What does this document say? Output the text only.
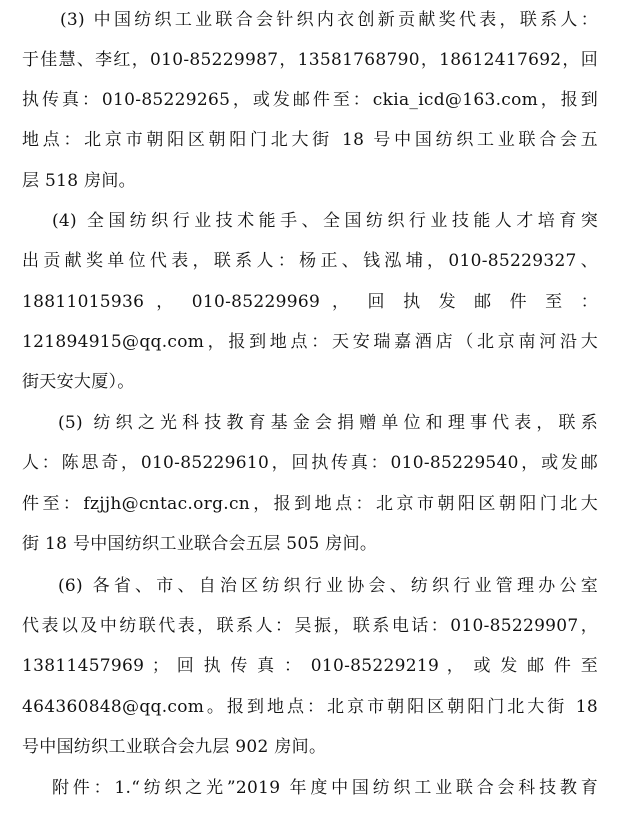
(3) 中国纺织工业联合会针织内衣创新贡献奖代表，联系人：
于佳慧、李红，010-85229987，13581768790，18612417692，回
执传真：010-85229265，或发邮件至：ckia_icd@163.com，报到
地点：北京市朝阳区朝阳门北大街 18 号中国纺织工业联合会五
层 518 房间。
(4) 全国纺织行业技术能手、全国纺织行业技能人才培育突
出贡献奖单位代表，联系人：杨正、钱泓埔，010-85229327、
18811015936 ， 010-85229969 ， 回 执 发 邮 件 至 ：
121894915@qq.com，报到地点：天安瑞嘉酒店（北京南河沿大
街天安大厦）。
(5) 纺织之光科技教育基金会捐赠单位和理事代表，联系
人：陈思奇，010-85229610，回执传真：010-85229540，或发邮
件至：fzjjh@cntac.org.cn，报到地点：北京市朝阳区朝阳门北大
街 18 号中国纺织工业联合会五层 505 房间。
(6) 各省、市、自治区纺织行业协会、纺织行业管理办公室
代表以及中纺联代表，联系人：吴振，联系电话：010-85229907，
13811457969 ； 回 执 传 真 ： 010-85229219 ， 或 发 邮 件 至
464360848@qq.com。报到地点：北京市朝阳区朝阳门北大街 18
号中国纺织工业联合会九层 902 房间。
附件：1.“纺织之光”2019 年度中国纺织工业联合会科技教育
